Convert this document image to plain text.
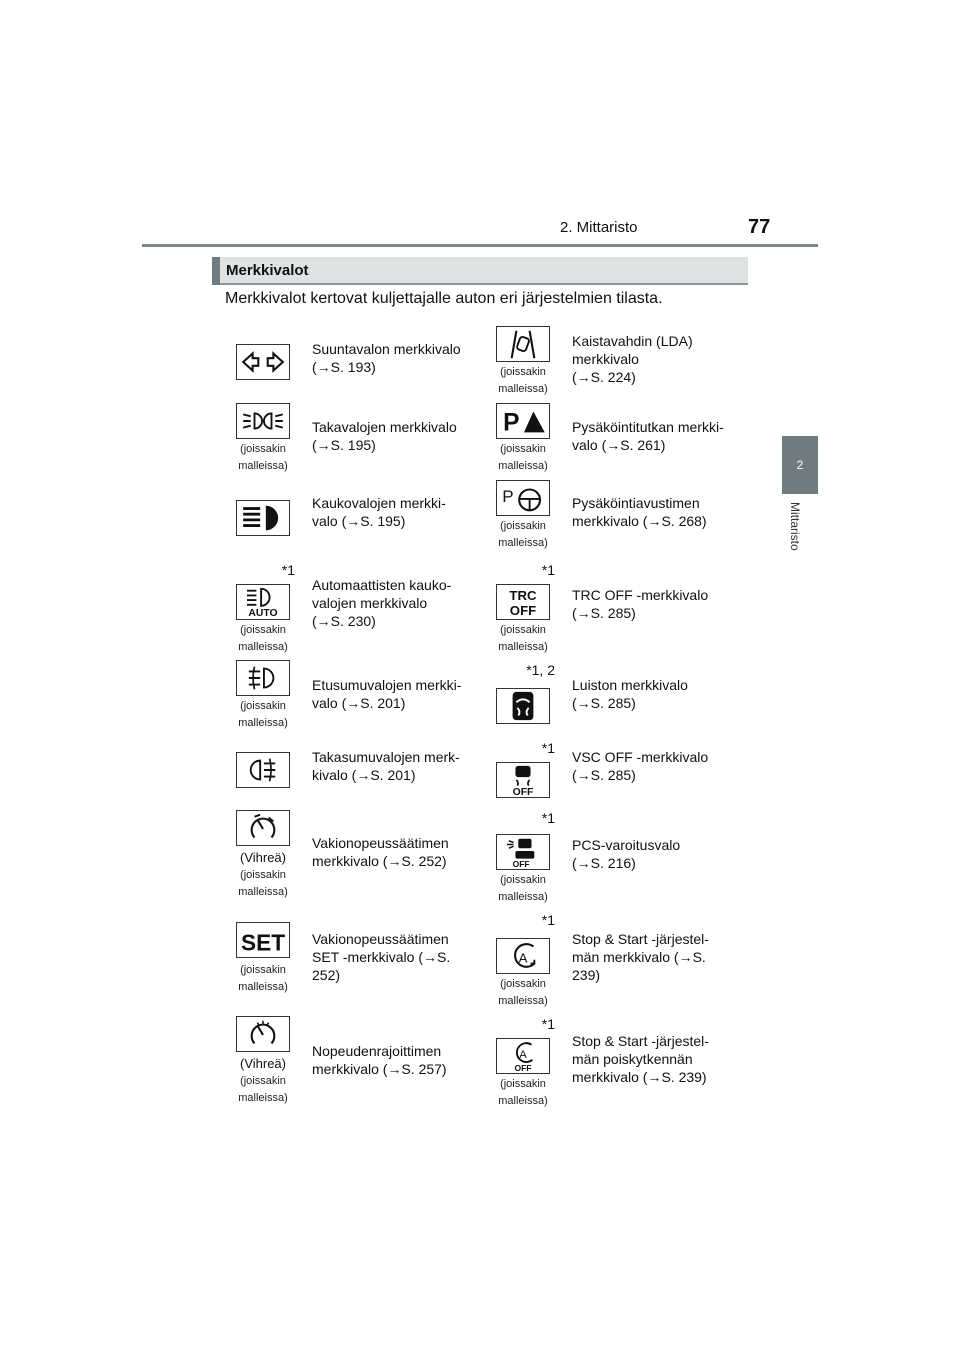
2. Mittaristo	77
2
Mittaristo
Merkkivalot
Merkkivalot kertovat kuljettajalle auton eri järjestelmien tilasta.
Suuntavalon merkkivalo
(→S. 193)	(joissakin
malleissa)
Kaistavahdin (LDA)
merkkivalo
(→S. 224)
(joissakin
malleissa)
Takavalojen merkkivalo
(→S. 195)
P
(joissakin
malleissa)
Pysäköintitutkan merkki-
valo (→S. 261)
Kaukovalojen merkki-
valo (→S. 195)
P
(joissakin
malleissa)
Pysäköintiavustimen
merkkivalo (→S. 268)
*1
AUTO
(joissakin
malleissa)
Automaattisten kauko-
valojen merkkivalo
(→S. 230)
*1
TRC
OFF
(joissakin
malleissa)
TRC OFF -merkkivalo
(→S. 285)
(joissakin
malleissa)
Etusumuvalojen merkki-
valo (→S. 201)
*1, 2
Luiston merkkivalo
(→S. 285)
Takasumuvalojen merk-
kivalo (→S. 201)
*1
OFF
VSC OFF -merkkivalo
(→S. 285)
(Vihreä)
(joissakin
malleissa)
Vakionopeussäätimen
merkkivalo (→S. 252)
*1
OFF
(joissakin
malleissa)
PCS-varoitusvalo
(→S. 216)
SET
(joissakin
malleissa)
Vakionopeussäätimen
SET -merkkivalo (→S.
252)
*1
A
(joissakin
malleissa)
Stop & Start -järjestel-
män merkkivalo (→S.
239)
(Vihreä)
(joissakin
malleissa)
Nopeudenrajoittimen
merkkivalo (→S. 257)
*1
A
OFF
(joissakin
malleissa)
Stop & Start -järjestel-
män poiskytkennän
merkkivalo (→S. 239)
